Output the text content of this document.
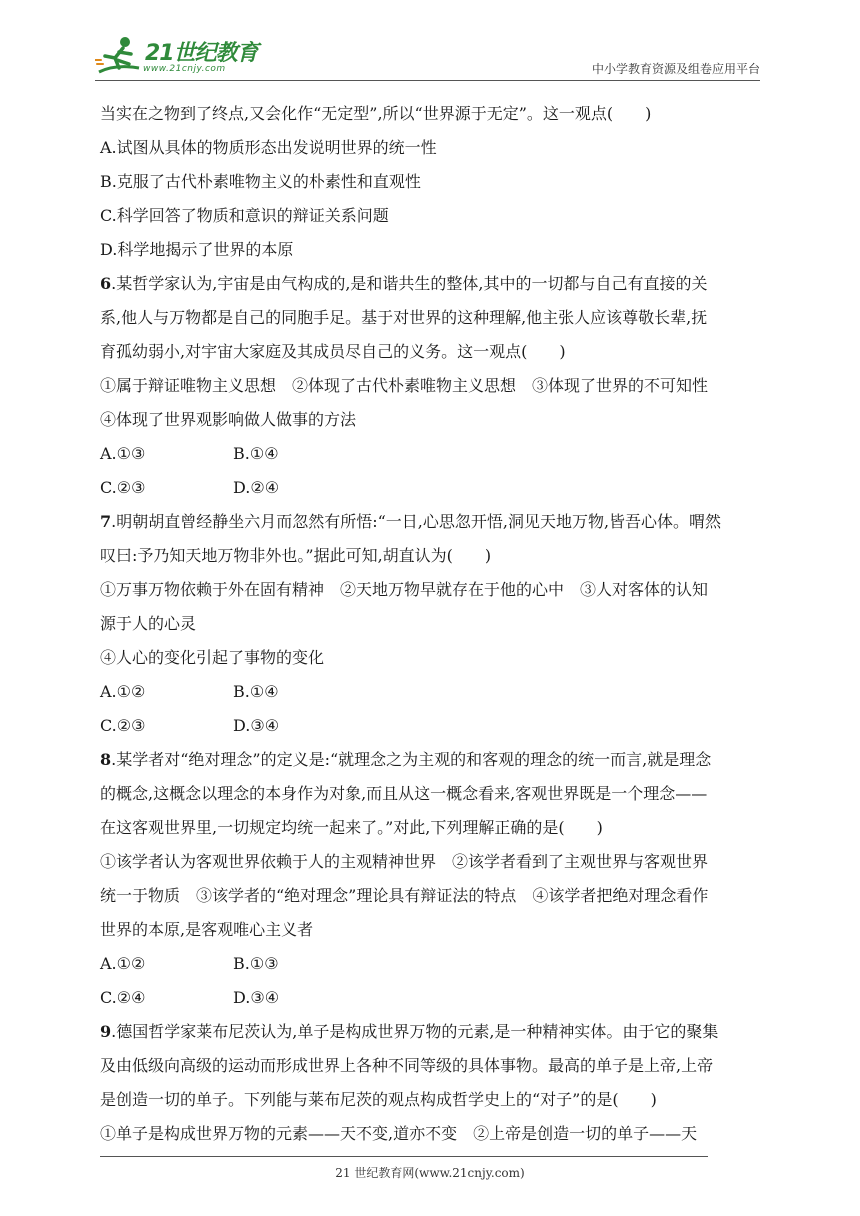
21世纪教育
www.21cnjy.com	中小学教育资源及组卷应用平台
当实在之物到了终点,又会化作“无定型”,所以“世界源于无定”。这一观点(　　)
A.试图从具体的物质形态出发说明世界的统一性
B.克服了古代朴素唯物主义的朴素性和直观性
C.科学回答了物质和意识的辩证关系问题
D.科学地揭示了世界的本原
6.某哲学家认为,宇宙是由气构成的,是和谐共生的整体,其中的一切都与自己有直接的关
系,他人与万物都是自己的同胞手足。基于对世界的这种理解,他主张人应该尊敬长辈,抚
育孤幼弱小,对宇宙大家庭及其成员尽自己的义务。这一观点(　　)
①属于辩证唯物主义思想　②体现了古代朴素唯物主义思想　③体现了世界的不可知性
④体现了世界观影响做人做事的方法
A.①③	B.①④
C.②③	D.②④
7.明朝胡直曾经静坐六月而忽然有所悟:“一日,心思忽开悟,洞见天地万物,皆吾心体。喟然
叹曰:予乃知天地万物非外也。”据此可知,胡直认为(　　)
①万事万物依赖于外在固有精神　②天地万物早就存在于他的心中　③人对客体的认知
源于人的心灵
④人心的变化引起了事物的变化
A.①②	B.①④
C.②③	D.③④
8.某学者对“绝对理念”的定义是:“就理念之为主观的和客观的理念的统一而言,就是理念
的概念,这概念以理念的本身作为对象,而且从这一概念看来,客观世界既是一个理念——
在这客观世界里,一切规定均统一起来了。”对此,下列理解正确的是(　　)
①该学者认为客观世界依赖于人的主观精神世界　②该学者看到了主观世界与客观世界
统一于物质　③该学者的“绝对理念”理论具有辩证法的特点　④该学者把绝对理念看作
世界的本原,是客观唯心主义者
A.①②	B.①③
C.②④	D.③④
9.德国哲学家莱布尼茨认为,单子是构成世界万物的元素,是一种精神实体。由于它的聚集
及由低级向高级的运动而形成世界上各种不同等级的具体事物。最高的单子是上帝,上帝
是创造一切的单子。下列能与莱布尼茨的观点构成哲学史上的“对子”的是(　　)
①单子是构成世界万物的元素——天不变,道亦不变　②上帝是创造一切的单子——天
21 世纪教育网(www.21cnjy.com)
